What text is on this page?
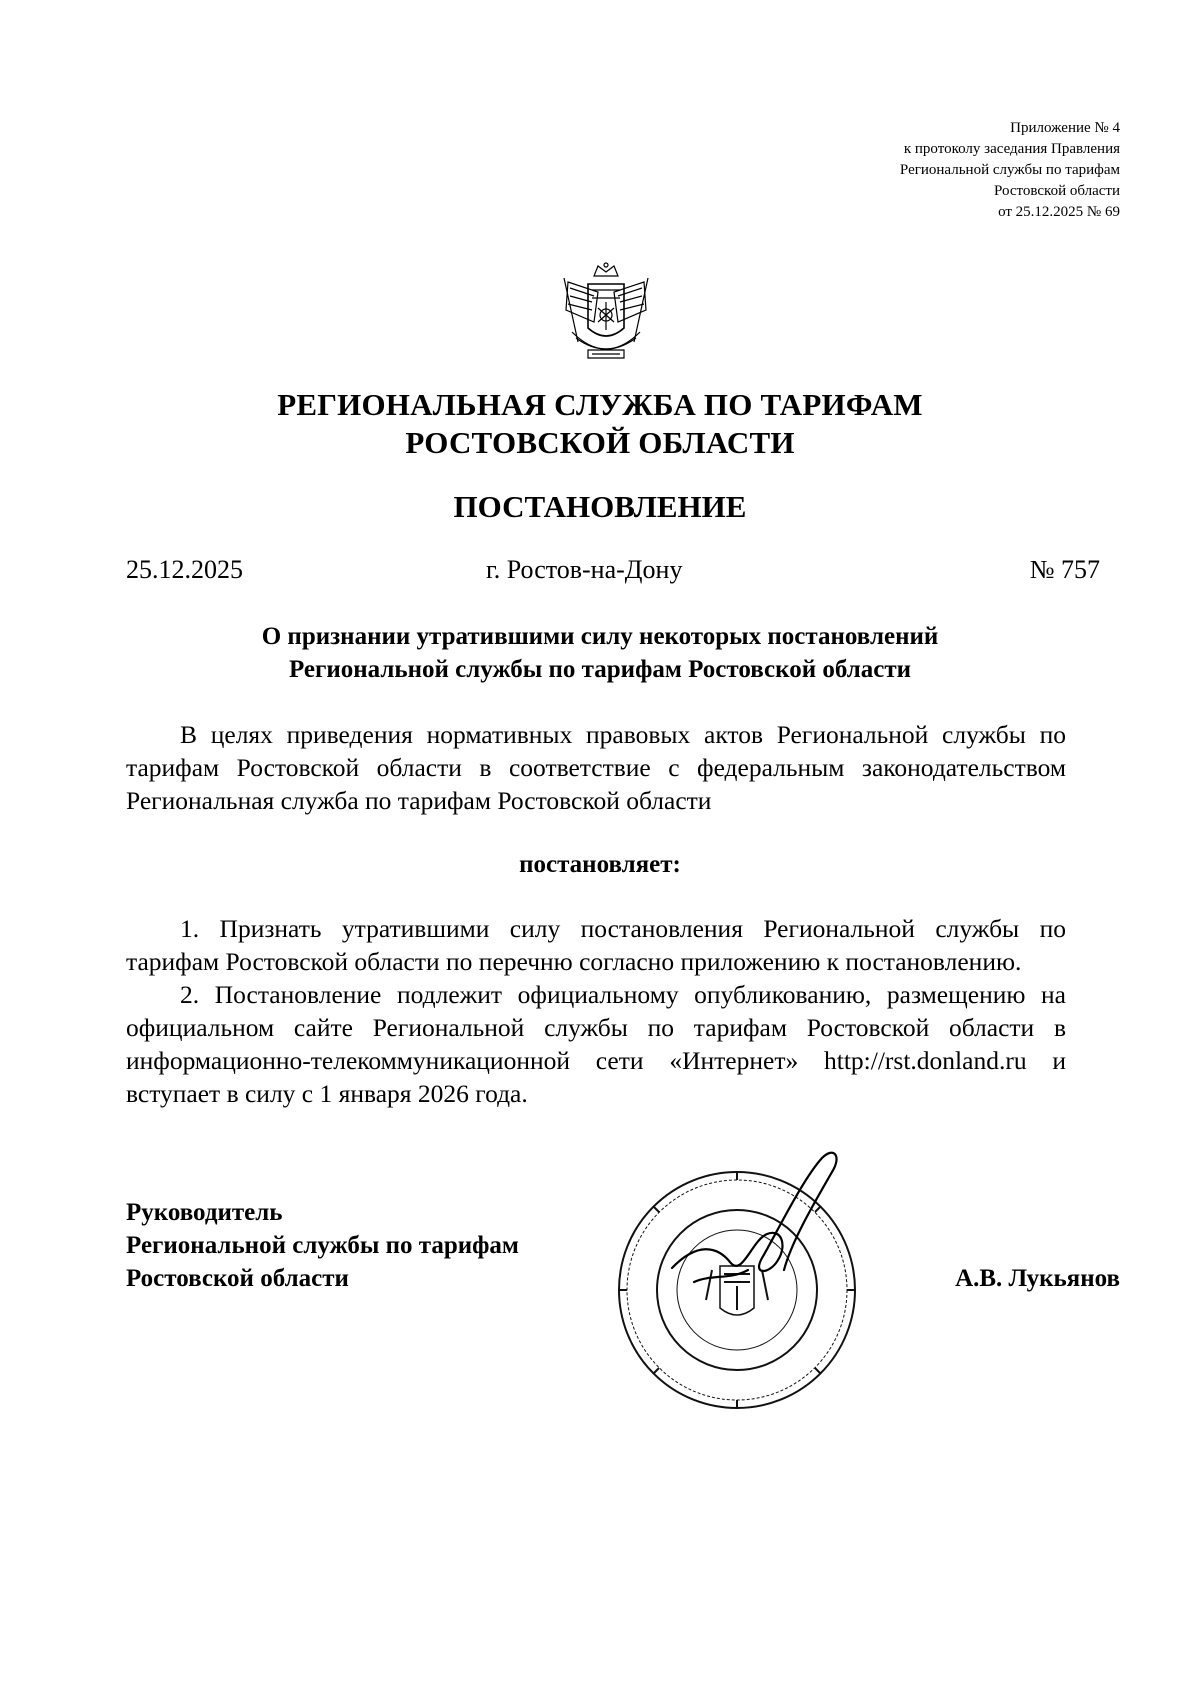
Приложение № 4
к протоколу заседания Правления
Региональной службы по тарифам
Ростовской области
от 25.12.2025 № 69
РЕГИОНАЛЬНАЯ СЛУЖБА ПО ТАРИФАМ
РОСТОВСКОЙ ОБЛАСТИ
ПОСТАНОВЛЕНИЕ
25.12.2025	г. Ростов-на-Дону	№ 757
О признании утратившими силу некоторых постановлений
Региональной службы по тарифам Ростовской области

В целях приведения нормативных правовых актов Региональной службы по тарифам Ростовской области в соответствие с федеральным законодательством Региональная служба по тарифам Ростовской области

постановляет:

1. Признать утратившими силу постановления Региональной службы по тарифам Ростовской области по перечню согласно приложению к постановлению.

2. Постановление подлежит официальному опубликованию, размещению на официальном сайте Региональной службы по тарифам Ростовской области в информационно-телекоммуникационной сети «Интернет» http://rst.donland.ru и вступает в силу с 1 января 2026 года.

Руководитель
Региональной службы по тарифам
Ростовской области	А.В. Лукьянов
